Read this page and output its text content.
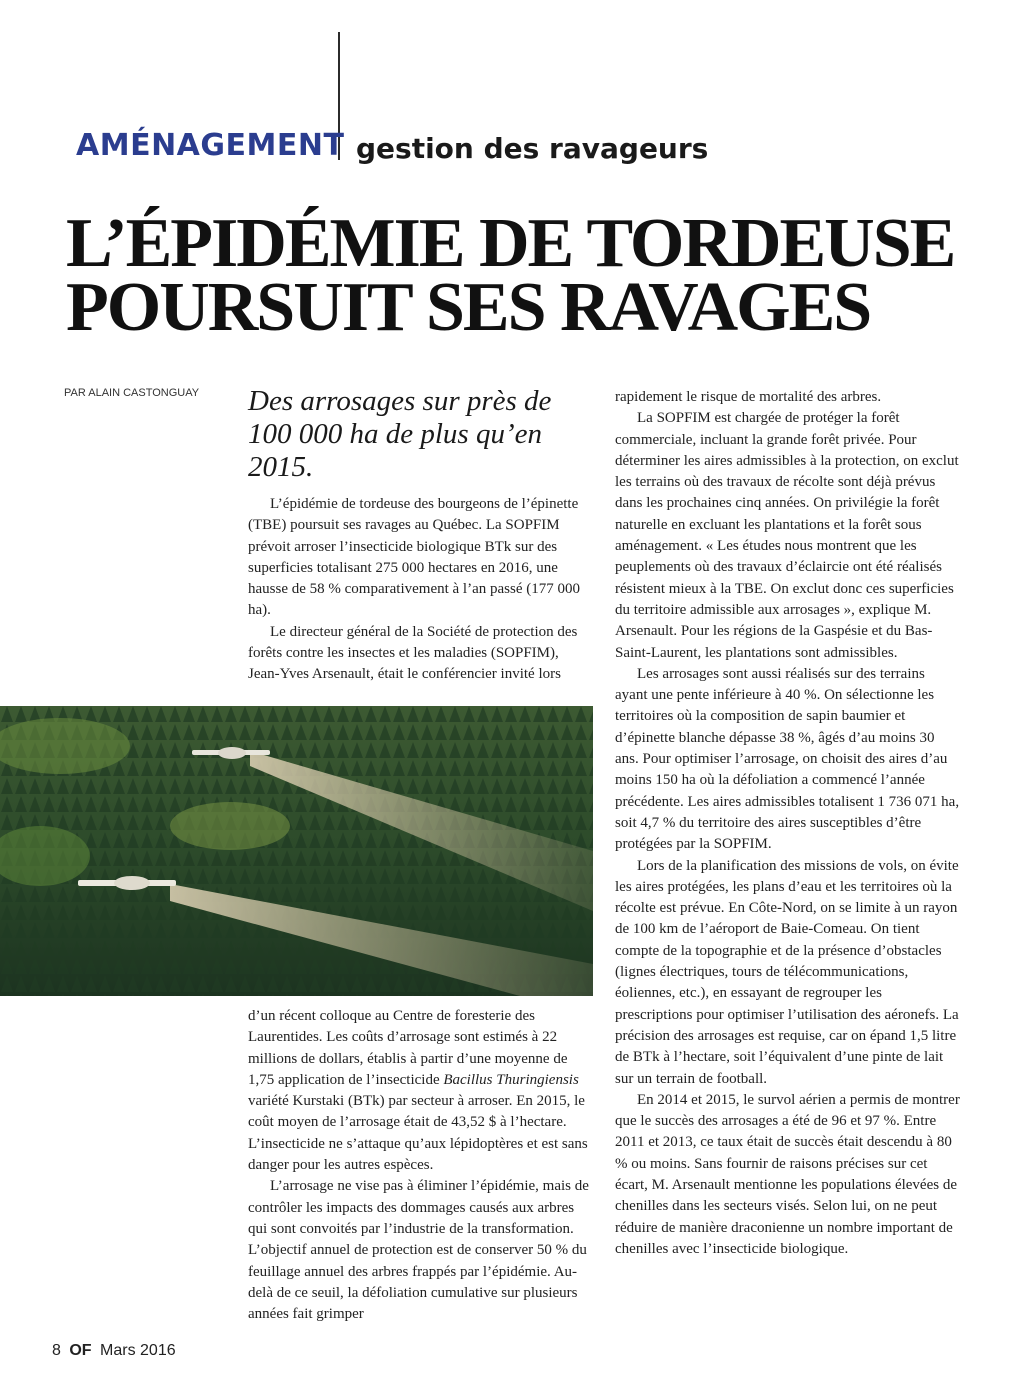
AMÉNAGEMENT gestion des ravageurs
L’ÉPIDÉMIE DE TORDEUSE
POURSUIT SES RAVAGES
PAR ALAIN CASTONGUAY Des arrosages sur près de
100 000 ha de plus qu’en
2015.

L’épidémie de tordeuse des bourgeons de l’épinette (TBE) poursuit ses ravages au Québec. La SOPFIM prévoit arroser l’insecticide biologique BTk sur des superficies totalisant 275 000 hectares en 2016, une hausse de 58 % comparativement à l’an passé (177 000 ha).

Le directeur général de la Société de protection des forêts contre les insectes et les maladies (SOPFIM), Jean-Yves Arsenault, était le conférencier invité lors

d’un récent colloque au Centre de foresterie des Laurentides. Les coûts d’arrosage sont estimés à 22 millions de dollars, établis à partir d’une moyenne de 1,75 application de l’insecticide Bacillus Thuringiensis variété Kurstaki (BTk) par secteur à arroser. En 2015, le coût moyen de l’arrosage était de 43,52 $ à l’hectare. L’insecticide ne s’attaque qu’aux lépidoptères et est sans danger pour les autres espèces.

L’arrosage ne vise pas à éliminer l’épidémie, mais de contrôler les impacts des dommages causés aux arbres qui sont convoités par l’industrie de la transformation. L’objectif annuel de protection est de conserver 50 % du feuillage annuel des arbres frappés par l’épidémie. Au-delà de ce seuil, la défoliation cumulative sur plusieurs années fait grimper

rapidement le risque de mortalité des arbres.

La SOPFIM est chargée de protéger la forêt commerciale, incluant la grande forêt privée. Pour déterminer les aires admissibles à la protection, on exclut les terrains où des travaux de récolte sont déjà prévus dans les prochaines cinq années. On privilégie la forêt naturelle en excluant les plantations et la forêt sous aménagement. « Les études nous montrent que les peuplements où des travaux d’éclaircie ont été réalisés résistent mieux à la TBE. On exclut donc ces superficies du territoire admissible aux arrosages », explique M. Arsenault. Pour les régions de la Gaspésie et du Bas-Saint-Laurent, les plantations sont admissibles.

Les arrosages sont aussi réalisés sur des terrains ayant une pente inférieure à 40 %. On sélectionne les territoires où la composition de sapin baumier et d’épinette blanche dépasse 38 %, âgés d’au moins 30 ans. Pour optimiser l’arrosage, on choisit des aires d’au moins 150 ha où la défoliation a commencé l’année précédente. Les aires admissibles totalisent 1 736 071 ha, soit 4,7 % du territoire des aires susceptibles d’être protégées par la SOPFIM.

Lors de la planification des missions de vols, on évite les aires protégées, les plans d’eau et les territoires où la récolte est prévue. En Côte-Nord, on se limite à un rayon de 100 km de l’aéroport de Baie-Comeau. On tient compte de la topographie et de la présence d’obstacles (lignes électriques, tours de télécommunications, éoliennes, etc.), en essayant de regrouper les prescriptions pour optimiser l’utilisation des aéronefs. La précision des arrosages est requise, car on épand 1,5 litre de BTk à l’hectare, soit l’équivalent d’une pinte de lait sur un terrain de football.

En 2014 et 2015, le survol aérien a permis de montrer que le succès des arrosages a été de 96 et 97 %. Entre 2011 et 2013, ce taux était de succès était descendu à 80 % ou moins. Sans fournir de raisons précises sur cet écart, M. Arsenault mentionne les populations élevées de chenilles dans les secteurs visés. Selon lui, on ne peut réduire de manière draconienne un nombre important de chenilles avec l’insecticide biologique.

8 OF Mars 2016
